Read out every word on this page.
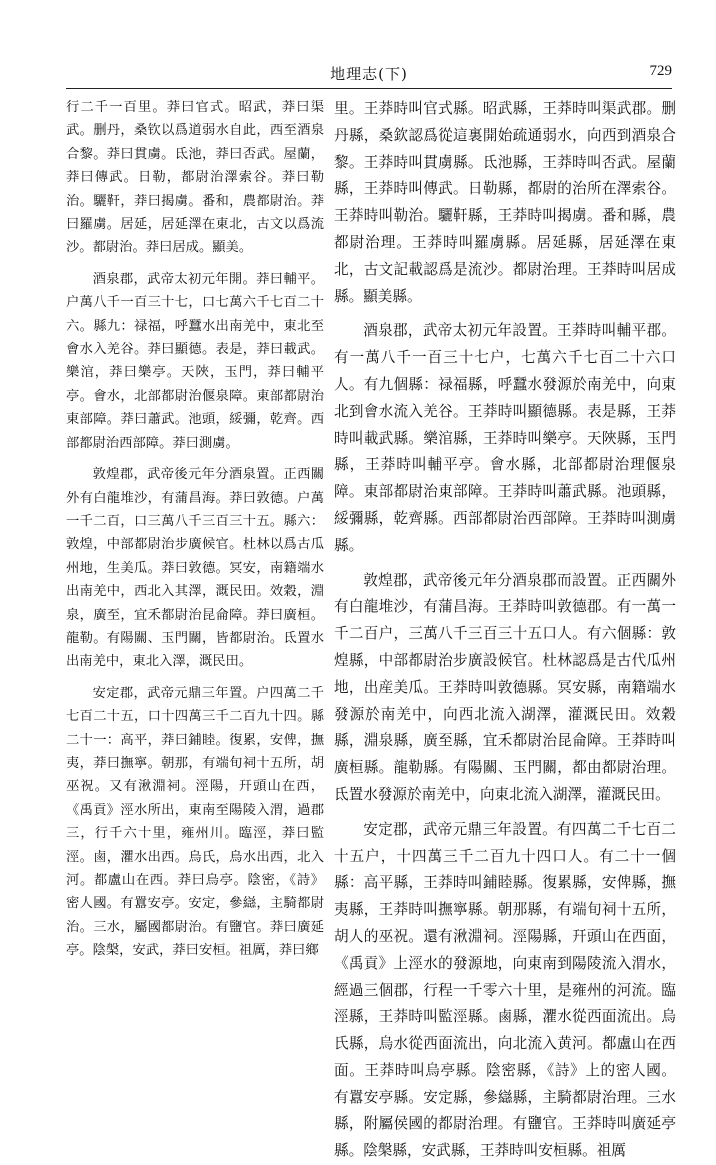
地理志(下)	729

行二千一百里。莽曰官式。昭武，莽曰渠武。删丹，桑钦以爲道弱水自此，西至酒泉合黎。莽曰貫虜。氐池，莽曰否武。屋蘭，莽曰傳武。日勒，都尉治澤索谷。莽曰勒治。驪靬，莽曰揭虜。番和，農都尉治。莽曰羅虜。居延，居延澤在東北，古文以爲流沙。都尉治。莽曰居成。顯美。

酒泉郡，武帝太初元年開。莽曰輔平。户萬八千一百三十七，口七萬六千七百二十六。縣九：禄福，呼蠶水出南羌中，東北至會水入羌谷。莽曰顯德。表是，莽曰載武。樂涫，莽曰樂亭。天陜，玉門，莽曰輔平亭。會水，北部都尉治偃泉障。東部都尉治東部障。莽曰蕭武。池頭，綏彌，乾齊。西部都尉治西部障。莽曰測虜。

敦煌郡，武帝後元年分酒泉置。正西關外有白龍堆沙，有蒲昌海。莽曰敦德。户萬一千二百，口三萬八千三百三十五。縣六：敦煌，中部都尉治步廣候官。杜林以爲古瓜州地，生美瓜。莽曰敦德。冥安，南籍端水出南羌中，西北入其澤，溉民田。效穀，淵泉，廣至，宜禾都尉治昆侖障。莽曰廣桓。龍勒。有陽關、玉門關，皆都尉治。氐置水出南羌中，東北入澤，溉民田。

安定郡，武帝元鼎三年置。户四萬二千七百二十五，口十四萬三千二百九十四。縣二十一：高平，莽曰鋪睦。復累，安俾，撫夷，莽曰撫寧。朝那，有端旬祠十五所，胡巫祝。又有湫淵祠。涇陽，幵頭山在西，《禹貢》涇水所出，東南至陽陵入渭，過郡三，行千六十里，雍州川。臨涇，莽曰監涇。鹵，灈水出西。烏氏，烏水出西，北入河。都盧山在西。莽曰烏亭。陰密，《詩》密人國。有囂安亭。安定，參䜌，主騎都尉治。三水，屬國都尉治。有鹽官。莽曰廣延亭。陰槃，安武，莽曰安桓。祖厲，莽曰鄉

里。王莽時叫官式縣。昭武縣，王莽時叫渠武郡。删丹縣，桑欽認爲從這裏開始疏通弱水，向西到酒泉合黎。王莽時叫貫虜縣。氐池縣，王莽時叫否武。屋蘭縣，王莽時叫傳武。日勒縣，都尉的治所在澤索谷。王莽時叫勒治。驪靬縣，王莽時叫揭虜。番和縣，農都尉治理。王莽時叫羅虜縣。居延縣，居延澤在東北，古文記載認爲是流沙。都尉治理。王莽時叫居成縣。顯美縣。

酒泉郡，武帝太初元年設置。王莽時叫輔平郡。有一萬八千一百三十七户，七萬六千七百二十六口人。有九個縣：禄福縣，呼蠶水發源於南羌中，向東北到會水流入羌谷。王莽時叫顯德縣。表是縣，王莽時叫載武縣。樂涫縣，王莽時叫樂亭。天陜縣，玉門縣，王莽時叫輔平亭。會水縣，北部都尉治理偃泉障。東部都尉治東部障。王莽時叫蕭武縣。池頭縣，綏彌縣，乾齊縣。西部都尉治西部障。王莽時叫測虜縣。

敦煌郡，武帝後元年分酒泉郡而設置。正西關外有白龍堆沙，有蒲昌海。王莽時叫敦德郡。有一萬一千二百户，三萬八千三百三十五口人。有六個縣：敦煌縣，中部都尉治步廣設候官。杜林認爲是古代瓜州地，出産美瓜。王莽時叫敦德縣。冥安縣，南籍端水發源於南羌中，向西北流入湖澤，灌溉民田。效穀縣，淵泉縣，廣至縣，宜禾都尉治昆侖障。王莽時叫廣桓縣。龍勒縣。有陽關、玉門關，都由都尉治理。氐置水發源於南羌中，向東北流入湖澤，灌溉民田。

安定郡，武帝元鼎三年設置。有四萬二千七百二十五户，十四萬三千二百九十四口人。有二十一個縣：高平縣，王莽時叫鋪睦縣。復累縣，安俾縣，撫夷縣，王莽時叫撫寧縣。朝那縣，有端旬祠十五所，胡人的巫祝。還有湫淵祠。涇陽縣，幵頭山在西面，《禹貢》上涇水的發源地，向東南到陽陵流入渭水，經過三個郡，行程一千零六十里，是雍州的河流。臨涇縣，王莽時叫監涇縣。鹵縣，灈水從西面流出。烏氏縣，烏水從西面流出，向北流入黄河。都盧山在西面。王莽時叫烏亭縣。陰密縣，《詩》上的密人國。有囂安亭縣。安定縣，參䜌縣，主騎都尉治理。三水縣，附屬侯國的都尉治理。有鹽官。王莽時叫廣延亭縣。陰槃縣，安武縣，王莽時叫安桓縣。祖厲
